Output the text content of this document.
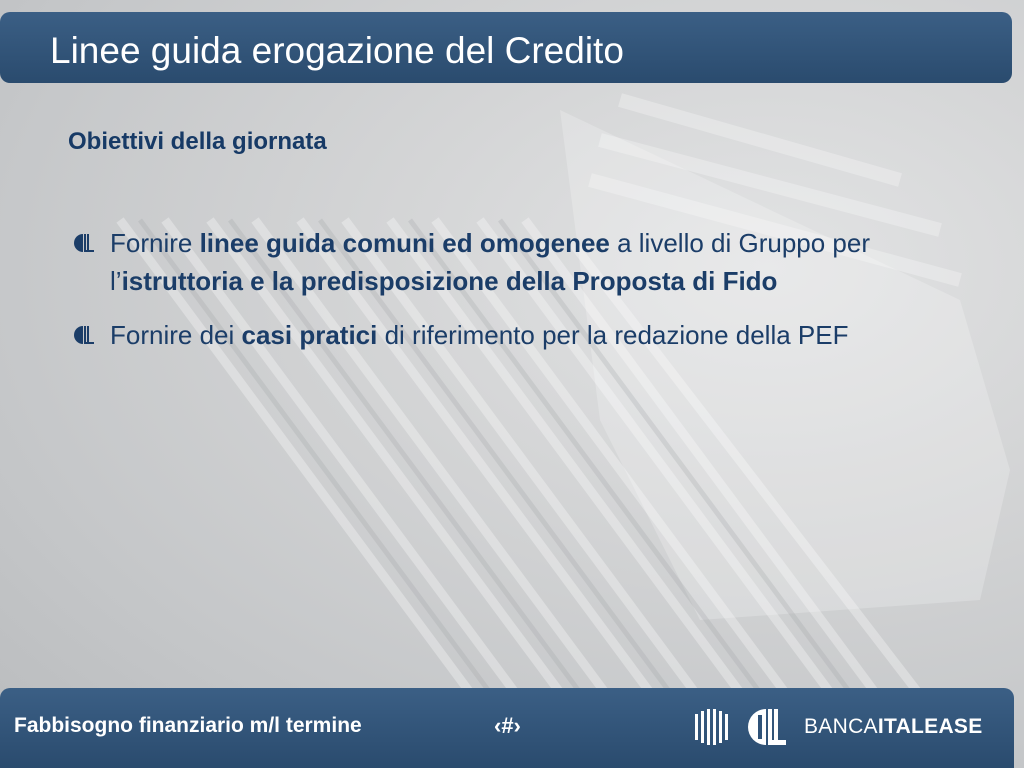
Linee guida erogazione del Credito
Obiettivi della giornata
Fornire linee guida comuni ed omogenee a livello di Gruppo per l’istruttoria e la predisposizione della Proposta di Fido
Fornire dei casi pratici di riferimento per la redazione della PEF
Fabbisogno finanziario m/l termine	‹#›	BANCAITALEASE
